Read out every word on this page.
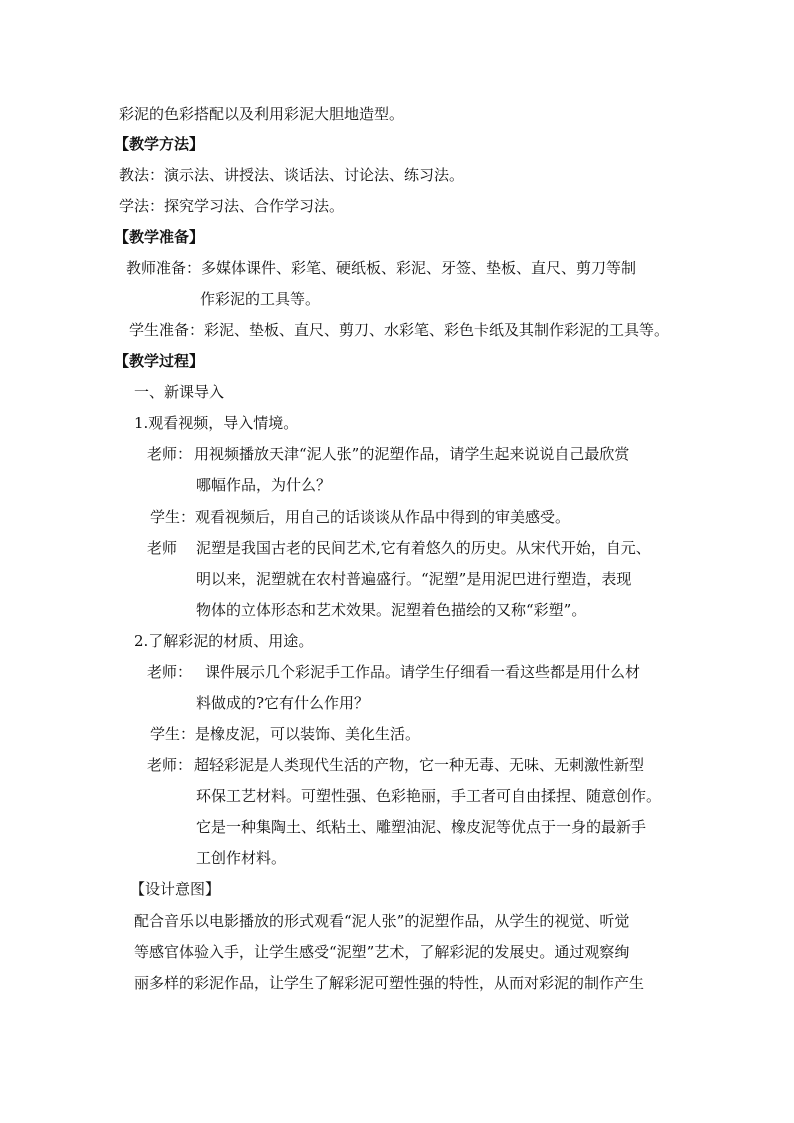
彩泥的色彩搭配以及利用彩泥大胆地造型。
【教学方法】
教法：演示法、讲授法、谈话法、讨论法、练习法。
学法：探究学习法、合作学习法。
【教学准备】
教师准备：多媒体课件、彩笔、硬纸板、彩泥、牙签、垫板、直尺、剪刀等制
作彩泥的工具等。
学生准备：彩泥、垫板、直尺、剪刀、水彩笔、彩色卡纸及其制作彩泥的工具等。
【教学过程】
一、新课导入
1.观看视频，导入情境。
老师： 用视频播放天津“泥人张”的泥塑作品，请学生起来说说自己最欣赏
哪幅作品，为什么？
学生：观看视频后，用自己的话谈谈从作品中得到的审美感受。
老师 泥塑是我国古老的民间艺术,它有着悠久的历史。从宋代开始，自元、
明以来，泥塑就在农村普遍盛行。“泥塑”是用泥巴进行塑造，表现
物体的立体形态和艺术效果。泥塑着色描绘的又称“彩塑”。
2.了解彩泥的材质、用途。
老师： 课件展示几个彩泥手工作品。请学生仔细看一看这些都是用什么材
料做成的?它有什么作用？
学生：是橡皮泥，可以装饰、美化生活。
老师： 超轻彩泥是人类现代生活的产物，它一种无毒、无味、无刺激性新型
环保工艺材料。可塑性强、色彩艳丽，手工者可自由揉捏、随意创作。
它是一种集陶土、纸粘土、雕塑油泥、橡皮泥等优点于一身的最新手
工创作材料。
【设计意图】
配合音乐以电影播放的形式观看“泥人张”的泥塑作品，从学生的视觉、听觉
等感官体验入手，让学生感受“泥塑”艺术，了解彩泥的发展史。通过观察绚
丽多样的彩泥作品，让学生了解彩泥可塑性强的特性，从而对彩泥的制作产生
